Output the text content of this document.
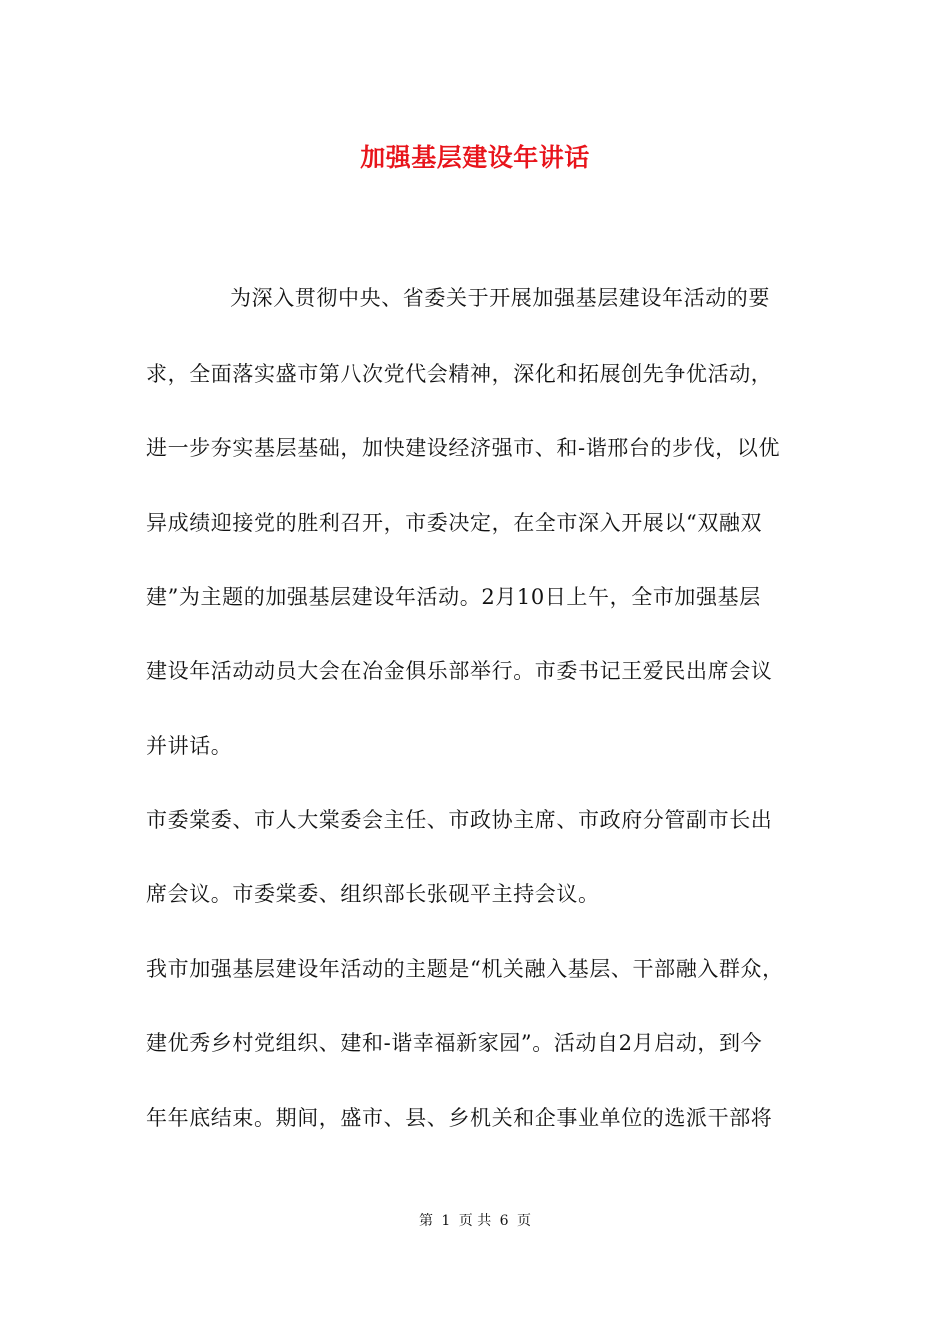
加强基层建设年讲话
为深入贯彻中央、省委关于开展加强基层建设年活动的要
求，全面落实盛市第八次党代会精神，深化和拓展创先争优活动，
进一步夯实基层基础，加快建设经济强市、和-谐邢台的步伐，以优
异成绩迎接党的胜利召开，市委决定，在全市深入开展以“双融双
建”为主题的加强基层建设年活动。2月10日上午，全市加强基层
建设年活动动员大会在冶金俱乐部举行。市委书记王爱民出席会议
并讲话。
市委棠委、市人大棠委会主任、市政协主席、市政府分管副市长出
席会议。市委棠委、组织部长张砚平主持会议。
我市加强基层建设年活动的主题是“机关融入基层、干部融入群众，
建优秀乡村党组织、建和-谐幸福新家园”。活动自2月启动，到今
年年底结束。期间，盛市、县、乡机关和企事业单位的选派干部将
第 1 页 共 6 页
